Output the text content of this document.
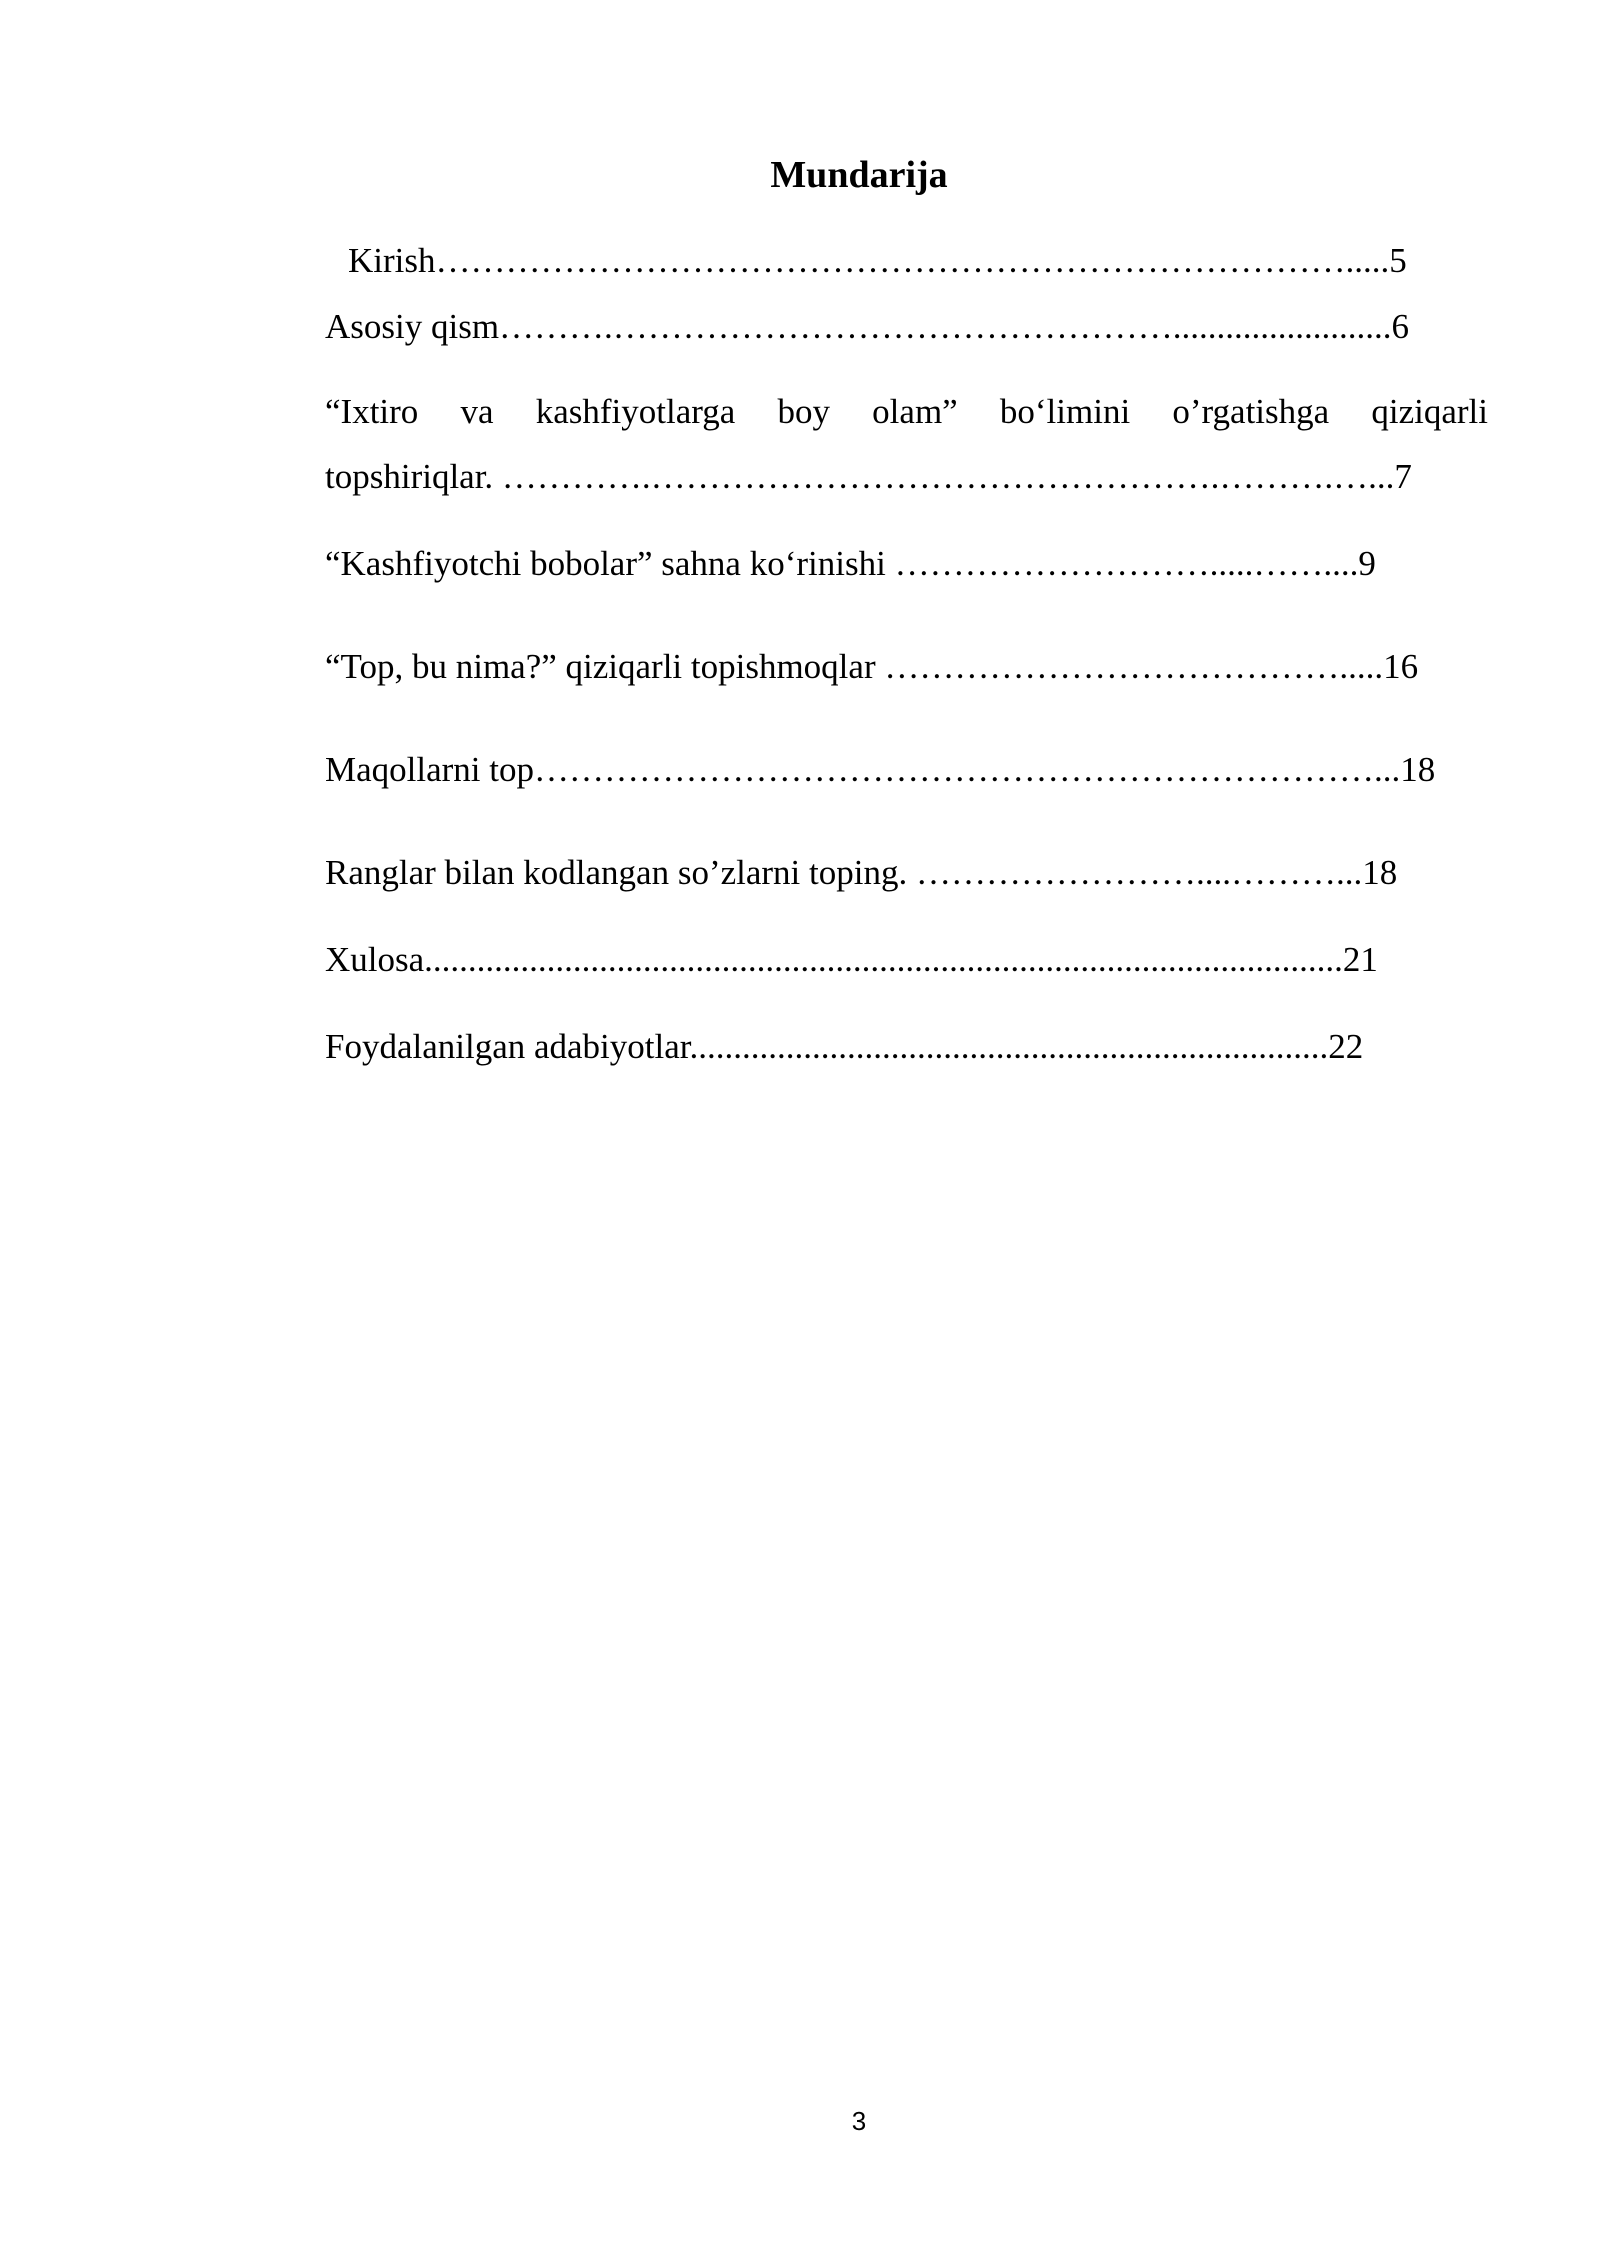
Mundarija
Kirish…………………………………………………………………….....5
Asosiy qism……….………………………………………….........................6
“Ixtiro va kashfiyotlarga boy olam” bo‘limini o’rgatishga qiziqarli
topshiriqlar. ………….………………………………………….……….…...7
“Kashfiyotchi bobolar” sahna ko‘rinishi ……………………….....……....9
“Top, bu nima?” qiziqarli topishmoqlar ………………………………….....16
Maqollarni top………………………………………………………………...18
Ranglar bilan kodlangan so’zlarni toping. ……………………....………...18
Xulosa.........................................................................................................21
Foydalanilgan adabiyotlar.........................................................................22
3
